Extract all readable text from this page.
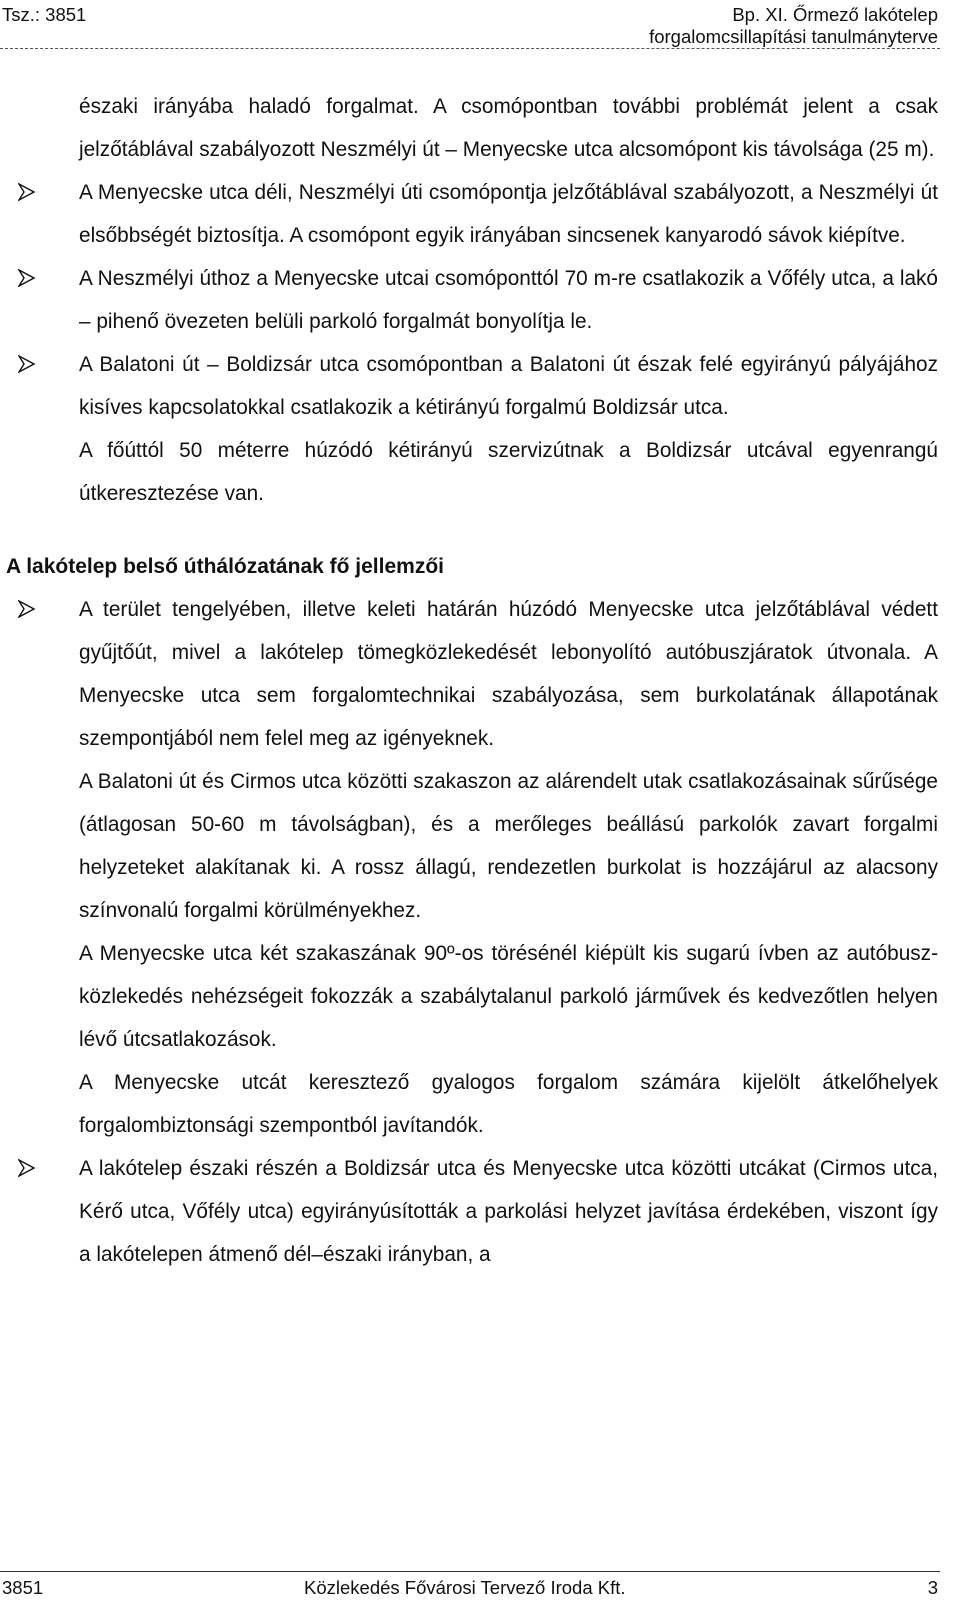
Tsz.: 3851	Bp. XI. Őrmező lakótelep
forgalomcsillapítási tanulmányterve

északi irányába haladó forgalmat. A csomópontban további problémát jelent a csak jelzőtáblával szabályozott Neszmélyi út – Menyecske utca alcsomópont kis távolsága (25 m).

A Menyecske utca déli, Neszmélyi úti csomópontja jelzőtáblával szabályozott, a Neszmélyi út elsőbbségét biztosítja. A csomópont egyik irányában sincsenek kanyarodó sávok kiépítve.
A Neszmélyi úthoz a Menyecske utcai csomóponttól 70 m-re csatlakozik a Vőfély utca, a lakó – pihenő övezeten belüli parkoló forgalmát bonyolítja le.
A Balatoni út – Boldizsár utca csomópontban a Balatoni út észak felé egyirányú pályájához kisíves kapcsolatokkal csatlakozik a kétirányú forgalmú Boldizsár utca.

A főúttól 50 méterre húzódó kétirányú szervizútnak a Boldizsár utcával egyenrangú útkeresztezése van.

A lakótelep belső úthálózatának fő jellemzői
A terület tengelyében, illetve keleti határán húzódó Menyecske utca jelzőtáblával védett gyűjtőút, mivel a lakótelep tömegközlekedését lebonyolító autóbuszjáratok útvonala. A Menyecske utca sem forgalomtechnikai szabályozása, sem burkolatának állapotának szempontjából nem felel meg az igényeknek.

A Balatoni út és Cirmos utca közötti szakaszon az alárendelt utak csatlakozásainak sűrűsége (átlagosan 50-60 m távolságban), és a merőleges beállású parkolók zavart forgalmi helyzeteket alakítanak ki. A rossz állagú, rendezetlen burkolat is hozzájárul az alacsony színvonalú forgalmi körülményekhez.

A Menyecske utca két szakaszának 90º-os törésénél kiépült kis sugarú ívben az autóbusz-közlekedés nehézségeit fokozzák a szabálytalanul parkoló járművek és kedvezőtlen helyen lévő útcsatlakozások.

A Menyecske utcát keresztező gyalogos forgalom számára kijelölt átkelőhelyek forgalombiztonsági szempontból javítandók.

A lakótelep északi részén a Boldizsár utca és Menyecske utca közötti utcákat (Cirmos utca, Kérő utca, Vőfély utca) egyirányúsították a parkolási helyzet javítása érdekében, viszont így a lakótelepen átmenő dél–északi irányban, a
3851	Közlekedés Fővárosi Tervező Iroda Kft.	3
